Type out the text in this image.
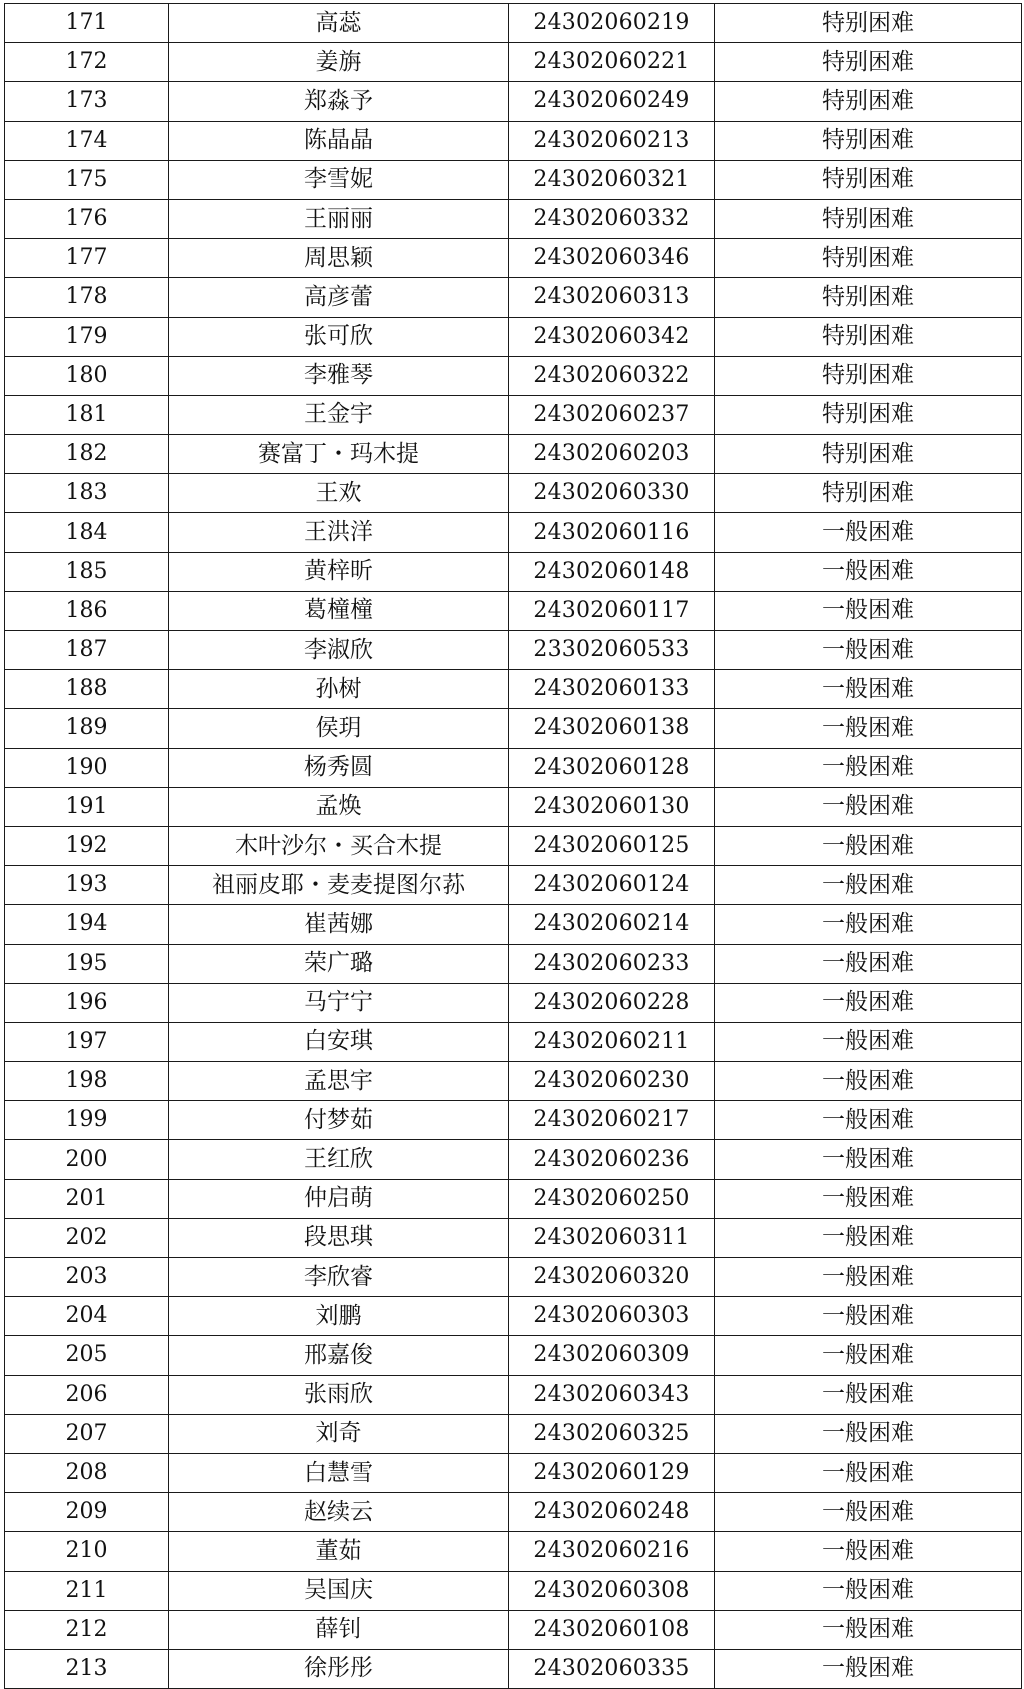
171	高蕊	24302060219	特别困难
172	姜旃	24302060221	特别困难
173	郑淼予	24302060249	特别困难
174	陈晶晶	24302060213	特别困难
175	李雪妮	24302060321	特别困难
176	王丽丽	24302060332	特别困难
177	周思颖	24302060346	特别困难
178	高彦蕾	24302060313	特别困难
179	张可欣	24302060342	特别困难
180	李雅琴	24302060322	特别困难
181	王金宇	24302060237	特别困难
182	赛富丁・玛木提	24302060203	特别困难
183	王欢	24302060330	特别困难
184	王洪洋	24302060116	一般困难
185	黄梓昕	24302060148	一般困难
186	葛橦橦	24302060117	一般困难
187	李淑欣	23302060533	一般困难
188	孙树	24302060133	一般困难
189	侯玥	24302060138	一般困难
190	杨秀圆	24302060128	一般困难
191	孟焕	24302060130	一般困难
192	木叶沙尔・买合木提	24302060125	一般困难
193	祖丽皮耶・麦麦提图尔荪	24302060124	一般困难
194	崔茜娜	24302060214	一般困难
195	荣广璐	24302060233	一般困难
196	马宁宁	24302060228	一般困难
197	白安琪	24302060211	一般困难
198	孟思宇	24302060230	一般困难
199	付梦茹	24302060217	一般困难
200	王红欣	24302060236	一般困难
201	仲启萌	24302060250	一般困难
202	段思琪	24302060311	一般困难
203	李欣睿	24302060320	一般困难
204	刘鹏	24302060303	一般困难
205	邢嘉俊	24302060309	一般困难
206	张雨欣	24302060343	一般困难
207	刘奇	24302060325	一般困难
208	白慧雪	24302060129	一般困难
209	赵续云	24302060248	一般困难
210	董茹	24302060216	一般困难
211	吴国庆	24302060308	一般困难
212	薛钊	24302060108	一般困难
213	徐彤彤	24302060335	一般困难
